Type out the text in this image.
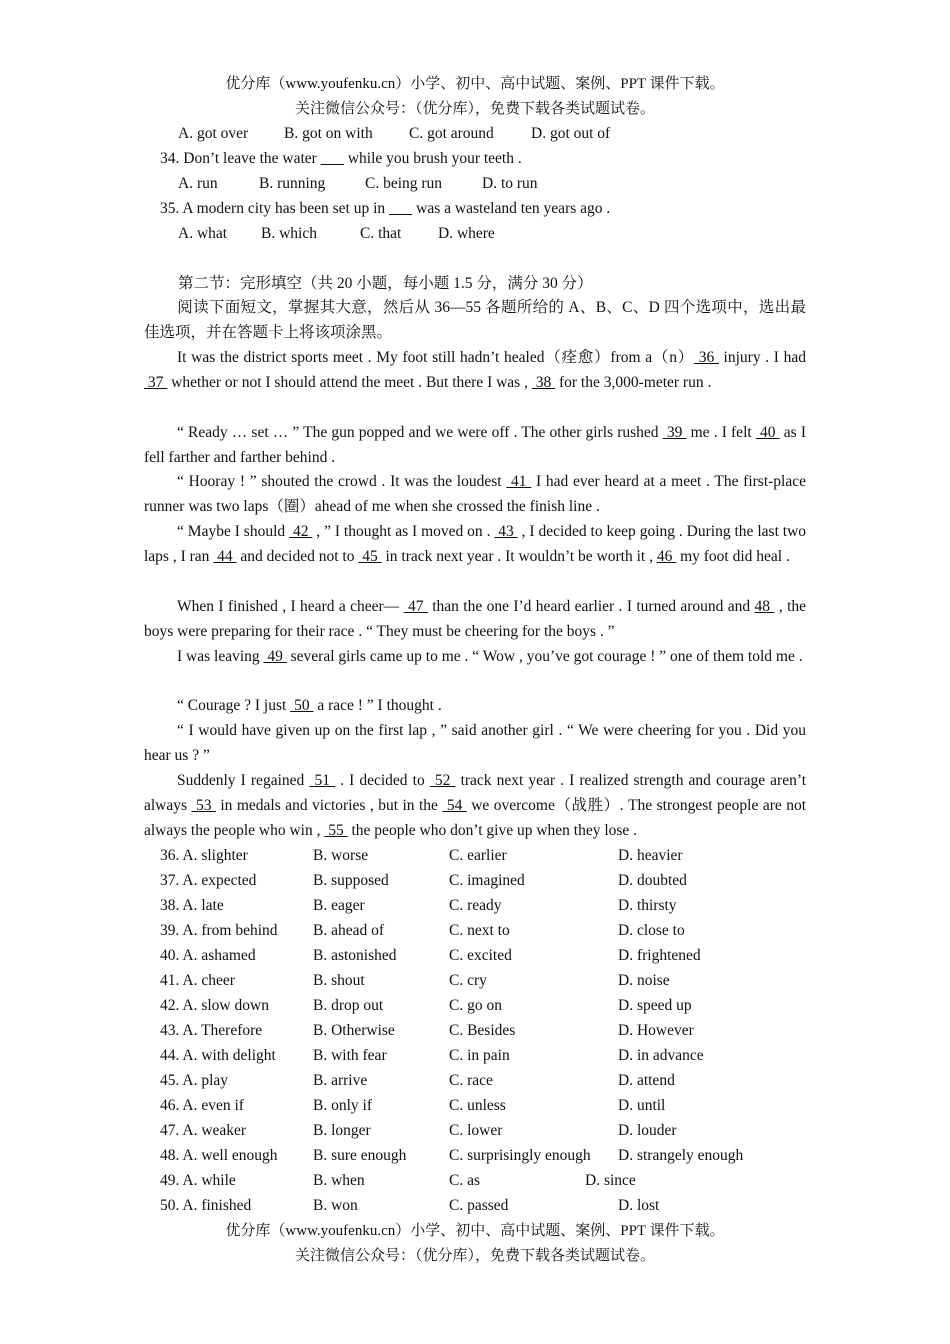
优分库（www.youfenku.cn）小学、初中、高中试题、案例、PPT 课件下载。
关注微信公众号：（优分库），免费下载各类试题试卷。
A. got over B. got on with C. got around D. got out of
34. Don’t leave the water while you brush your teeth .
A. run	B. running	C. being run	D. to run
35. A modern city has been set up in was a wasteland ten years ago .
A. what B. which	C. that D. where
第二节：完形填空（共 20 小题，每小题 1.5 分，满分 30 分）
阅读下面短文，掌握其大意，然后从 36—55 各题所给的 A、B、C、D 四个选项中，选出最佳选项，并在答题卡上将该项涂黑。
It was the district sports meet . My foot still hadn’t healed（痊愈）from a（n） 36  injury . I had  37  whether or not I should attend the meet . But there I was ,  38  for the 3,000-meter run .
“ Ready … set … ” The gun popped and we were off . The other girls rushed  39  me . I felt  40  as I fell farther and farther behind .
“ Hooray ! ” shouted the crowd . It was the loudest  41  I had ever heard at a meet . The first-place runner was two laps（圈）ahead of me when she crossed the finish line .
“ Maybe I should  42  , ” I thought as I moved on .  43  , I decided to keep going . During the last two laps , I ran  44  and decided not to  45  in track next year . It wouldn’t be worth it , 46  my foot did heal .
When I finished , I heard a cheer—  47  than the one I’d heard earlier . I turned around and 48  , the boys were preparing for their race . “ They must be cheering for the boys . ”
I was leaving  49  several girls came up to me . “ Wow , you’ve got courage ! ” one of them told me .
“ Courage ? I just  50  a race ! ” I thought .
“ I would have given up on the first lap , ” said another girl . “ We were cheering for you . Did you hear us ? ”
Suddenly I regained  51  . I decided to  52  track next year . I realized strength and courage aren’t always  53  in medals and victories , but in the  54  we overcome（战胜）. The strongest people are not always the people who win ,  55  the people who don’t give up when they lose .
36. A. slighter	B. worse	C. earlier	D. heavier
37. A. expected	B. supposed	C. imagined	D. doubted
38. A. late	B. eager	C. ready	D. thirsty
39. A. from behind B. ahead of	C. next to	D. close to
40. A. ashamed	B. astonished	C. excited	D. frightened
41. A. cheer	B. shout	C. cry	D. noise
42. A. slow down	B. drop out	C. go on	D. speed up
43. A. Therefore	B. Otherwise	C. Besides	D. However
44. A. with delight B. with fear	C. in pain	D. in advance
45. A. play	B. arrive	C. race	D. attend
46. A. even if	B. only if	C. unless	D. until
47. A. weaker	B. longer	C. lower	D. louder
48. A. well enough B. sure enough	C. surprisingly enough D. strangely enough
49. A. while	B. when	C. as	D. since
50. A. finished	B. won	C. passed	D. lost
优分库（www.youfenku.cn）小学、初中、高中试题、案例、PPT 课件下载。
关注微信公众号：（优分库），免费下载各类试题试卷。
